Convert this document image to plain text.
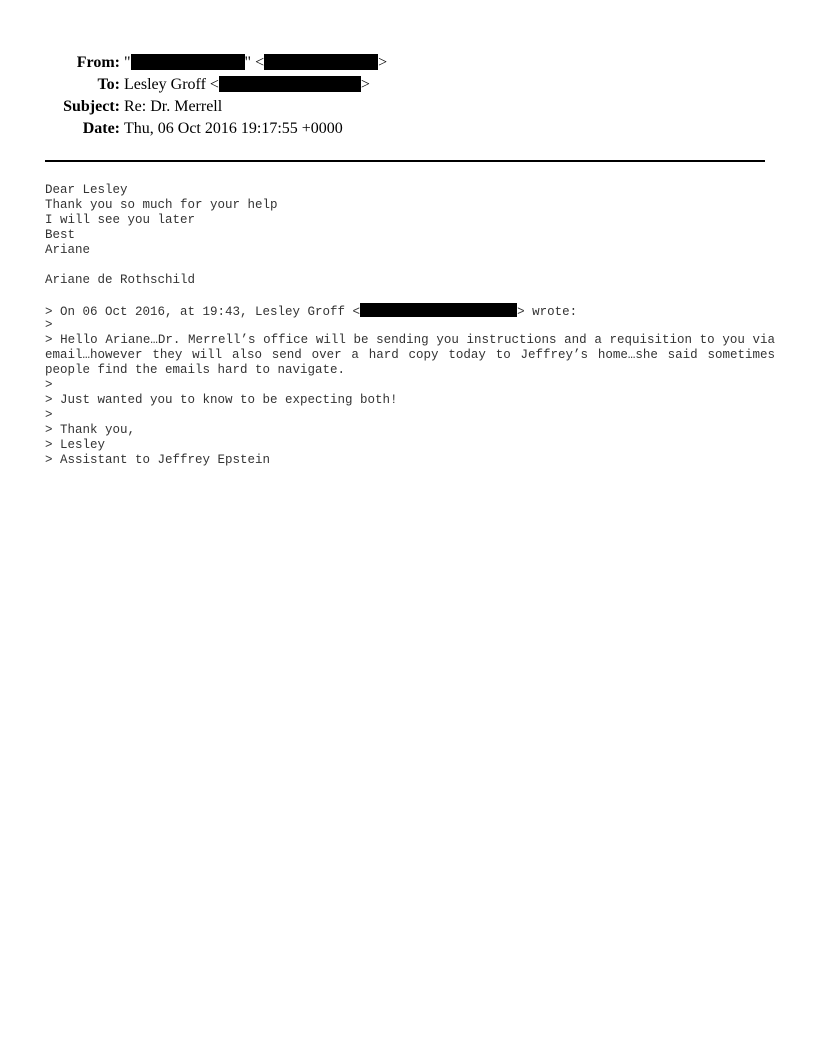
From: "	" <	>
To: Lesley Groff <	>
Subject: Re: Dr. Merrell
Date: Thu, 06 Oct 2016 19:17:55 +0000
Dear Lesley
Thank you so much for your help
I will see you later
Best
Ariane
Ariane de Rothschild
> On 06 Oct 2016, at 19:43, Lesley Groff <	> wrote:
>
> Hello Ariane…Dr. Merrell’s office will be sending you instructions and a requisition to you via email…however they will also send over a hard copy today to Jeffrey’s home…she said sometimes people find the emails hard to navigate.
>
> Just wanted you to know to be expecting both!
>
> Thank you,
> Lesley
> Assistant to Jeffrey Epstein
